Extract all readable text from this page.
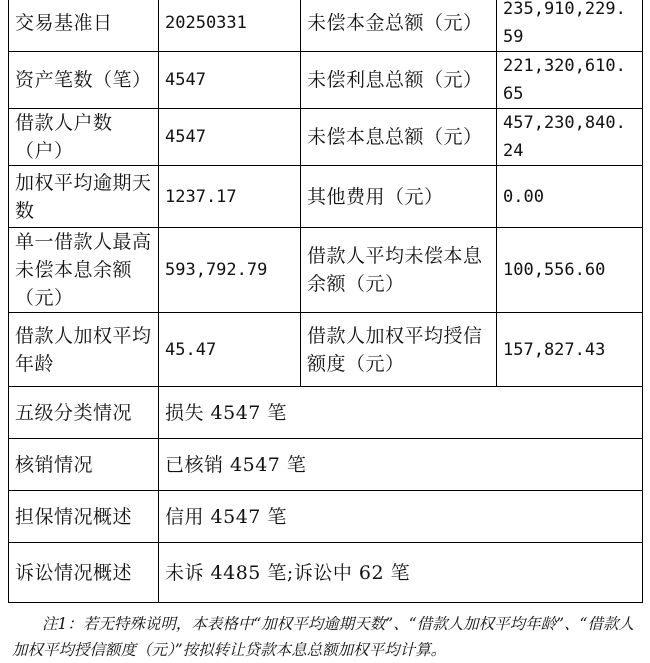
交易基准日	20250331	未偿本金总额（元）	235,910,229.59
资产笔数（笔）	4547	未偿利息总额（元）	221,320,610.65
借款人户数（户）	4547	未偿本息总额（元）	457,230,840.24
加权平均逾期天数	1237.17	其他费用（元）	0.00
单一借款人最高未偿本息余额（元）	593,792.79	借款人平均未偿本息余额（元）	100,556.60
借款人加权平均年龄	45.47	借款人加权平均授信额度（元）	157,827.43
五级分类情况	损失 4547 笔		
核销情况	已核销 4547 笔		
担保情况概述	信用 4547 笔		
诉讼情况概述	未诉 4485 笔;诉讼中 62 笔		

注1：若无特殊说明，本表格中“加权平均逾期天数”、“借款人加权平均年龄”、“借款人加权平均授信额度（元）”按拟转让贷款本息总额加权平均计算。
